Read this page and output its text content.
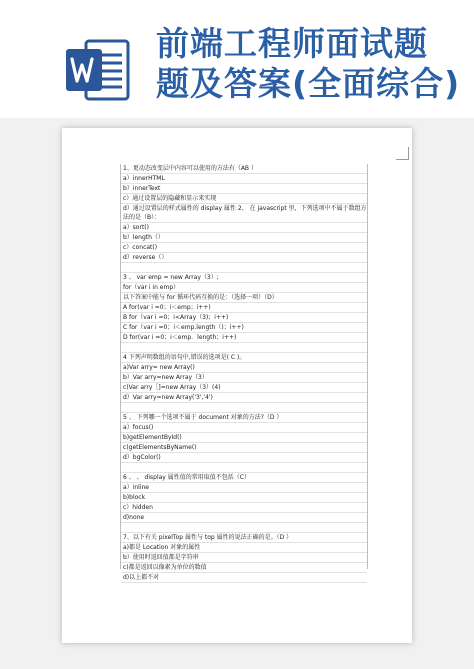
前端工程师面试题
题及答案(全面综合)
1、更动态改变层中内容可以使用的方法有（AB ）
a）innerHTML
b）innerText
c）通过设置层的隐藏和显示来实现
d）通过设置层的样式属性的 display 属性 2、 在 javascript 里，下列选项中不属于数组方法的是（B）：
a）sort()
b）length（）
c）concat()
d）reverse（）
3 、 var emp = new Array（3）;
for（var i in emp）
以下答案中能与 for 循环代码互换的是：（选择一项）（D）
A for(var i =0；i＜emp；i++)
B for（var i =0；i<Array（3)；i++)
C for（var i =0；i＜emp.length（)；i++)
D for(var i =0；i＜emp．length；i++)
4 下列声明数组的语句中,错误的选项是( C )。
a)Var arry= new Array()
b）Var arry=new Array（3）
c)Var arry［]=new Array（3）(4)
d）Var arry=new Array('3','4')
5 、 下列哪一个选项不属于 document 对象的方法?（D ）
a）focus()
b)getElementById()
c)getElementsByName()
d）bgColor()
6 、 、 display 属性值的常用取值不包括（C）
a）inline
b)block
c）hidden
d)none
7、以下有关 pixelTop 属性与 top 属性的说法正确的是。（D ）
a)都是 Location 对象的属性
b）使用时返回值都是字符串
c)都是返回以像素为单位的数值
d)以上都不对
